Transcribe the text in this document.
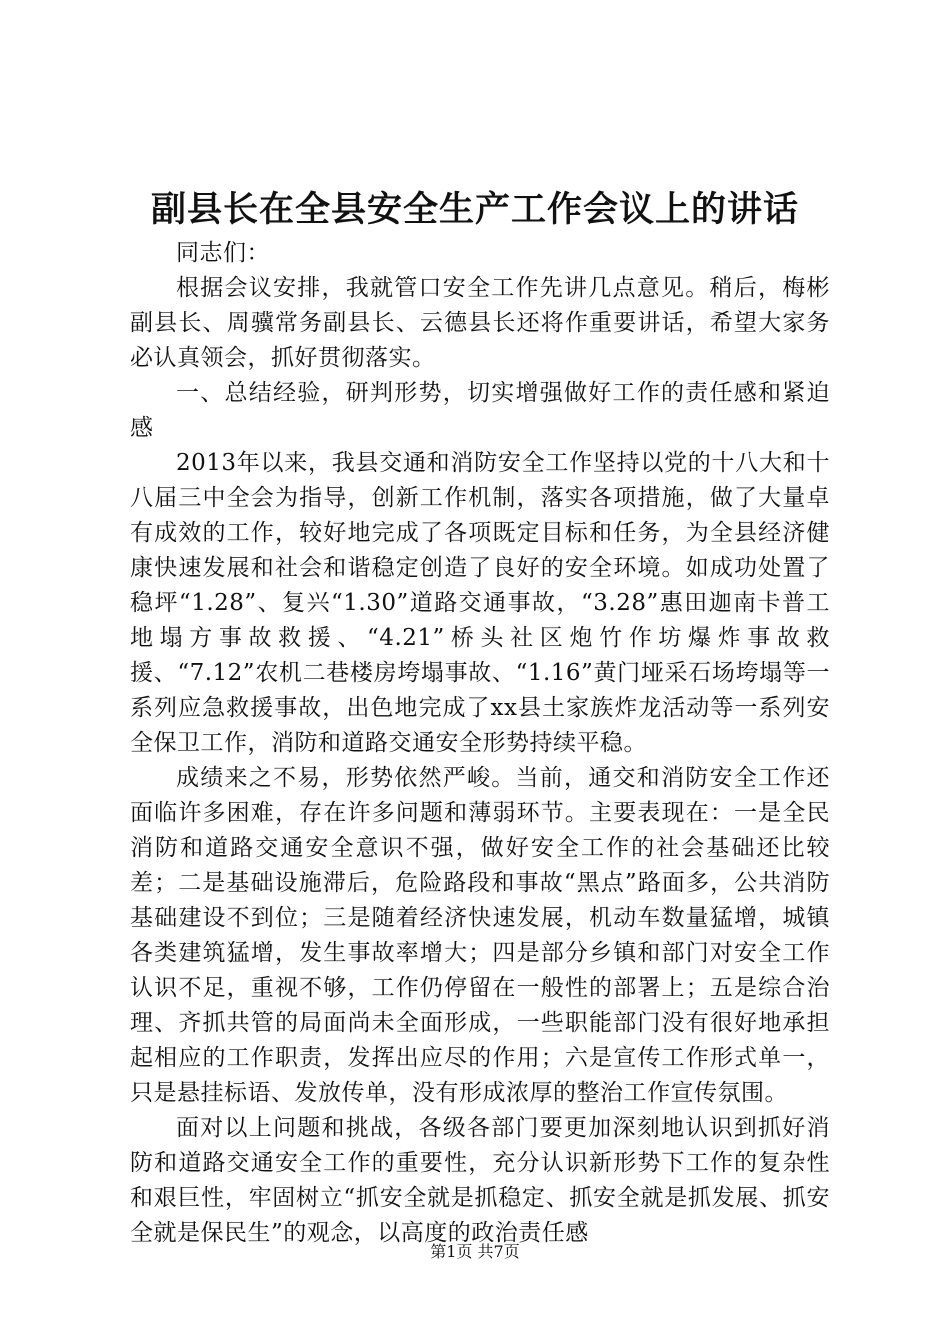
副县长在全县安全生产工作会议上的讲话

同志们：

根据会议安排，我就管口安全工作先讲几点意见。稍后，梅彬副县长、周骥常务副县长、云德县长还将作重要讲话，希望大家务必认真领会，抓好贯彻落实。

一、总结经验，研判形势，切实增强做好工作的责任感和紧迫感

2013年以来，我县交通和消防安全工作坚持以党的十八大和十八届三中全会为指导，创新工作机制，落实各项措施，做了大量卓有成效的工作，较好地完成了各项既定目标和任务，为全县经济健康快速发展和社会和谐稳定创造了良好的安全环境。如成功处置了稳坪“1.28”、复兴“1.30”道路交通事故，“3.28”惠田迦南卡普工地塌方事故救援、“4.21”桥头社区炮竹作坊爆炸事故救援、“7.12”农机二巷楼房垮塌事故、“1.16”黄门垭采石场垮塌等一系列应急救援事故，出色地完成了xx县土家族炸龙活动等一系列安全保卫工作，消防和道路交通安全形势持续平稳。

成绩来之不易，形势依然严峻。当前，通交和消防安全工作还面临许多困难，存在许多问题和薄弱环节。主要表现在：一是全民消防和道路交通安全意识不强，做好安全工作的社会基础还比较差；二是基础设施滞后，危险路段和事故“黑点”路面多，公共消防基础建设不到位；三是随着经济快速发展，机动车数量猛增，城镇各类建筑猛增，发生事故率增大；四是部分乡镇和部门对安全工作认识不足，重视不够，工作仍停留在一般性的部署上；五是综合治理、齐抓共管的局面尚未全面形成，一些职能部门没有很好地承担起相应的工作职责，发挥出应尽的作用；六是宣传工作形式单一，只是悬挂标语、发放传单，没有形成浓厚的整治工作宣传氛围。

面对以上问题和挑战，各级各部门要更加深刻地认识到抓好消防和道路交通安全工作的重要性，充分认识新形势下工作的复杂性和艰巨性，牢固树立“抓安全就是抓稳定、抓安全就是抓发展、抓安全就是保民生”的观念，以高度的政治责任感

第1页 共7页
